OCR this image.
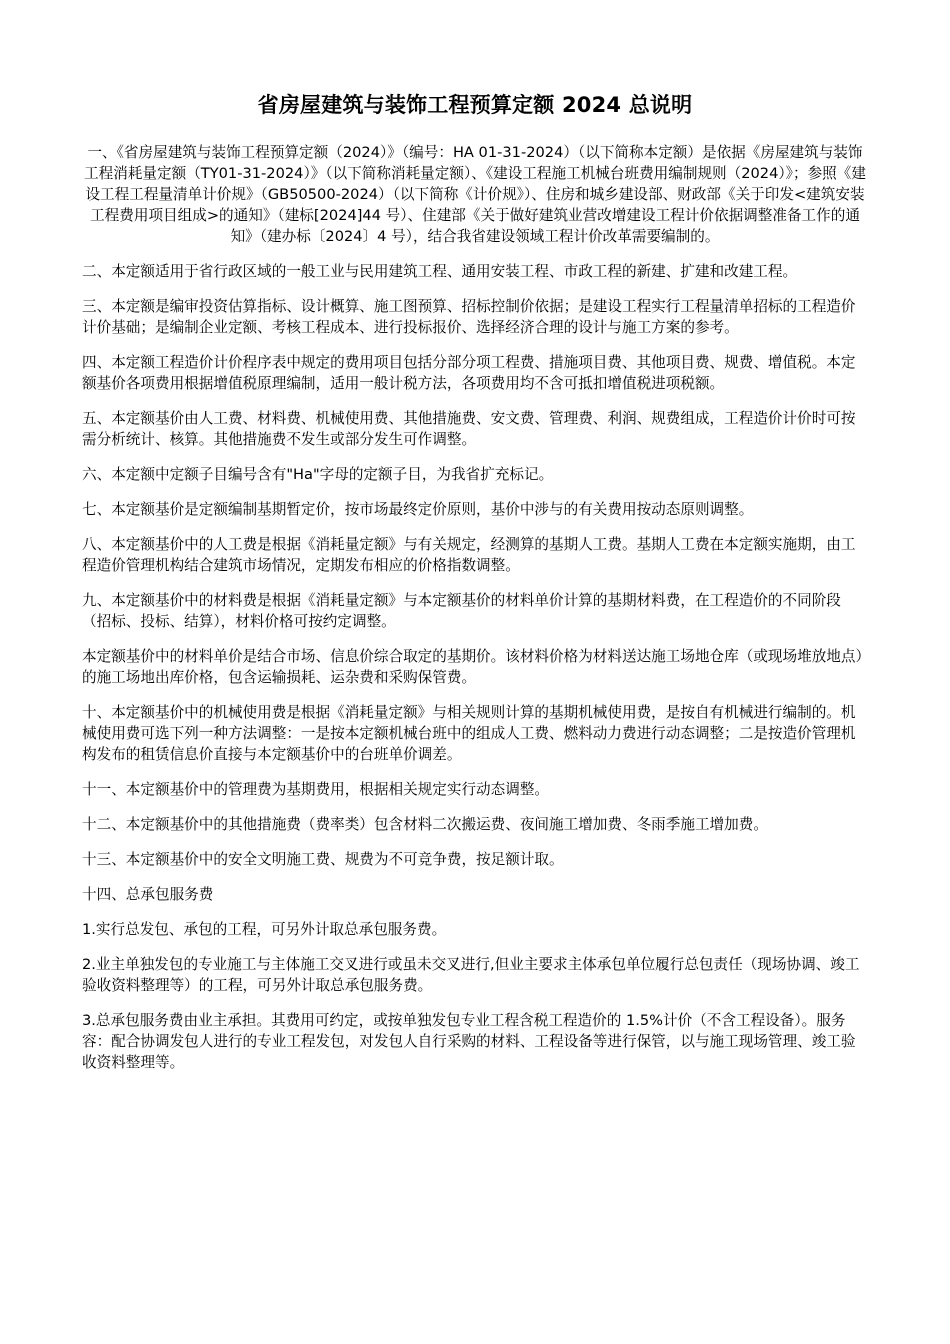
省房屋建筑与装饰工程预算定额 2024 总说明

一、《省房屋建筑与装饰工程预算定额（2024）》（编号：HA 01-31-2024）（以下简称本定额）是依据《房屋建筑与装饰工程消耗量定额（TY01-31-2024）》（以下简称消耗量定额）、《建设工程施工机械台班费用编制规则（2024）》；参照《建设工程工程量清单计价规》（GB50500-2024）（以下简称《计价规》）、住房和城乡建设部、财政部《关于印发<建筑安装工程费用项目组成>的通知》（建标[2024]44 号）、住建部《关于做好建筑业营改增建设工程计价依据调整准备工作的通知》（建办标〔2024〕4 号），结合我省建设领域工程计价改革需要编制的。

二、本定额适用于省行政区域的一般工业与民用建筑工程、通用安装工程、市政工程的新建、扩建和改建工程。

三、本定额是编审投资估算指标、设计概算、施工图预算、招标控制价依据；是建设工程实行工程量清单招标的工程造价计价基础；是编制企业定额、考核工程成本、进行投标报价、选择经济合理的设计与施工方案的参考。

四、本定额工程造价计价程序表中规定的费用项目包括分部分项工程费、措施项目费、其他项目费、规费、增值税。本定额基价各项费用根据增值税原理编制，适用一般计税方法，各项费用均不含可抵扣增值税进项税额。

五、本定额基价由人工费、材料费、机械使用费、其他措施费、安文费、管理费、利润、规费组成，工程造价计价时可按需分析统计、核算。其他措施费不发生或部分发生可作调整。

六、本定额中定额子目编号含有"Ha"字母的定额子目，为我省扩充标记。

七、本定额基价是定额编制基期暂定价，按市场最终定价原则，基价中涉与的有关费用按动态原则调整。

八、本定额基价中的人工费是根据《消耗量定额》与有关规定，经测算的基期人工费。基期人工费在本定额实施期，由工程造价管理机构结合建筑市场情况，定期发布相应的价格指数调整。

九、本定额基价中的材料费是根据《消耗量定额》与本定额基价的材料单价计算的基期材料费，在工程造价的不同阶段（招标、投标、结算），材料价格可按约定调整。

本定额基价中的材料单价是结合市场、信息价综合取定的基期价。该材料价格为材料送达施工场地仓库（或现场堆放地点）的施工场地出库价格，包含运输损耗、运杂费和采购保管费。

十、本定额基价中的机械使用费是根据《消耗量定额》与相关规则计算的基期机械使用费，是按自有机械进行编制的。机械使用费可选下列一种方法调整：一是按本定额机械台班中的组成人工费、燃料动力费进行动态调整；二是按造价管理机构发布的租赁信息价直接与本定额基价中的台班单价调差。

十一、本定额基价中的管理费为基期费用，根据相关规定实行动态调整。

十二、本定额基价中的其他措施费（费率类）包含材料二次搬运费、夜间施工增加费、冬雨季施工增加费。

十三、本定额基价中的安全文明施工费、规费为不可竞争费，按足额计取。

十四、总承包服务费

1.实行总发包、承包的工程，可另外计取总承包服务费。

2.业主单独发包的专业施工与主体施工交叉进行或虽未交叉进行,但业主要求主体承包单位履行总包责任（现场协调、竣工验收资料整理等）的工程，可另外计取总承包服务费。

3.总承包服务费由业主承担。其费用可约定，或按单独发包专业工程含税工程造价的 1.5%计价（不含工程设备）。服务容：配合协调发包人进行的专业工程发包，对发包人自行采购的材料、工程设备等进行保管，以与施工现场管理、竣工验收资料整理等。
